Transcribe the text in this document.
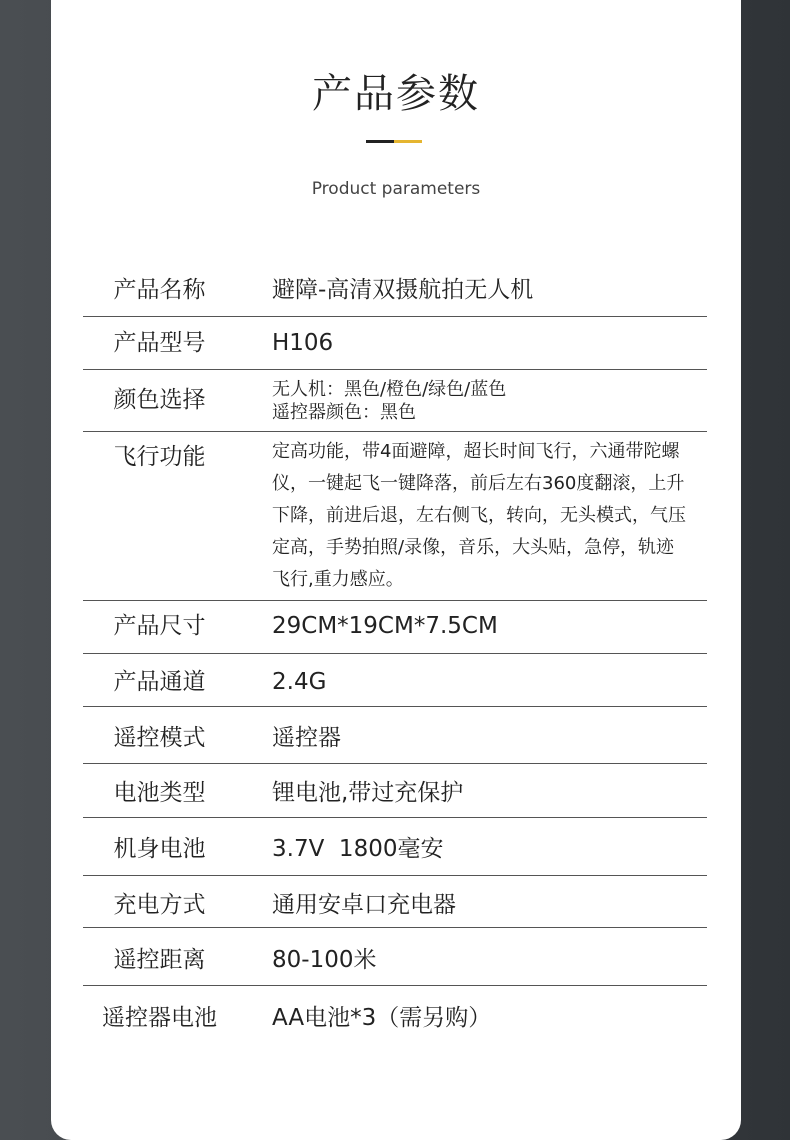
产品参数
Product parameters
产品名称	避障-高清双摄航拍无人机
产品型号	H106
颜色选择	无人机：黑色/橙色/绿色/蓝色
遥控器颜色：黑色
飞行功能	定高功能，带4面避障，超长时间飞行，六通带陀螺仪，一键起飞一键降落，前后左右360度翻滚，上升下降，前进后退，左右侧飞，转向，无头模式，气压定高，手势拍照/录像，音乐，大头贴，急停，轨迹飞行,重力感应。
产品尺寸	29CM*19CM*7.5CM
产品通道	2.4G
遥控模式	遥控器
电池类型	锂电池,带过充保护
机身电池	3.7V  1800毫安
充电方式	通用安卓口充电器
遥控距离	80-100米
遥控器电池	AA电池*3（需另购）
